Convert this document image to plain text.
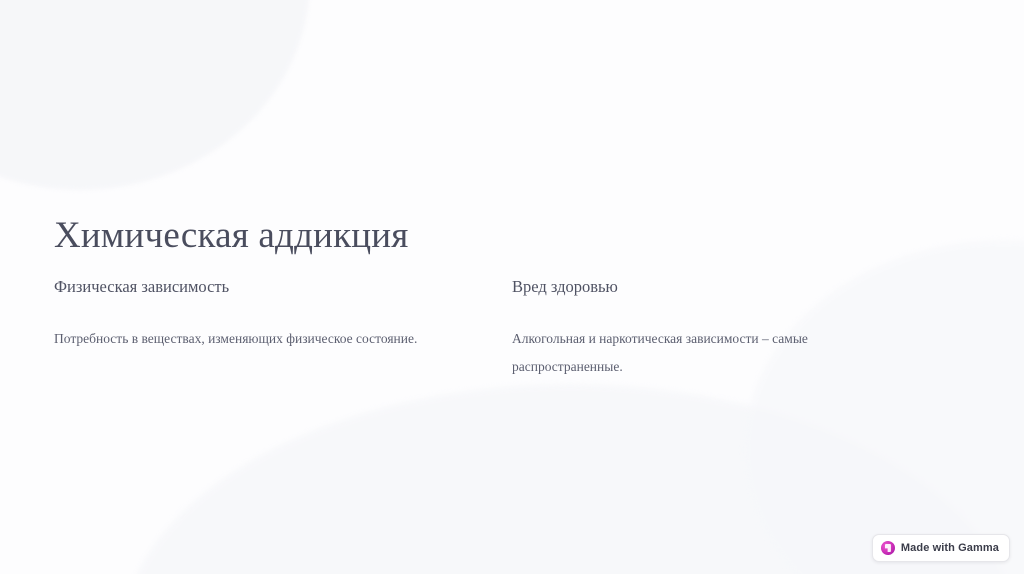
Химическая аддикция
Физическая зависимость

Потребность в веществах, изменяющих физическое состояние.

Вред здоровью

Алкогольная и наркотическая зависимости – самые распространенные.

Made with Gamma
